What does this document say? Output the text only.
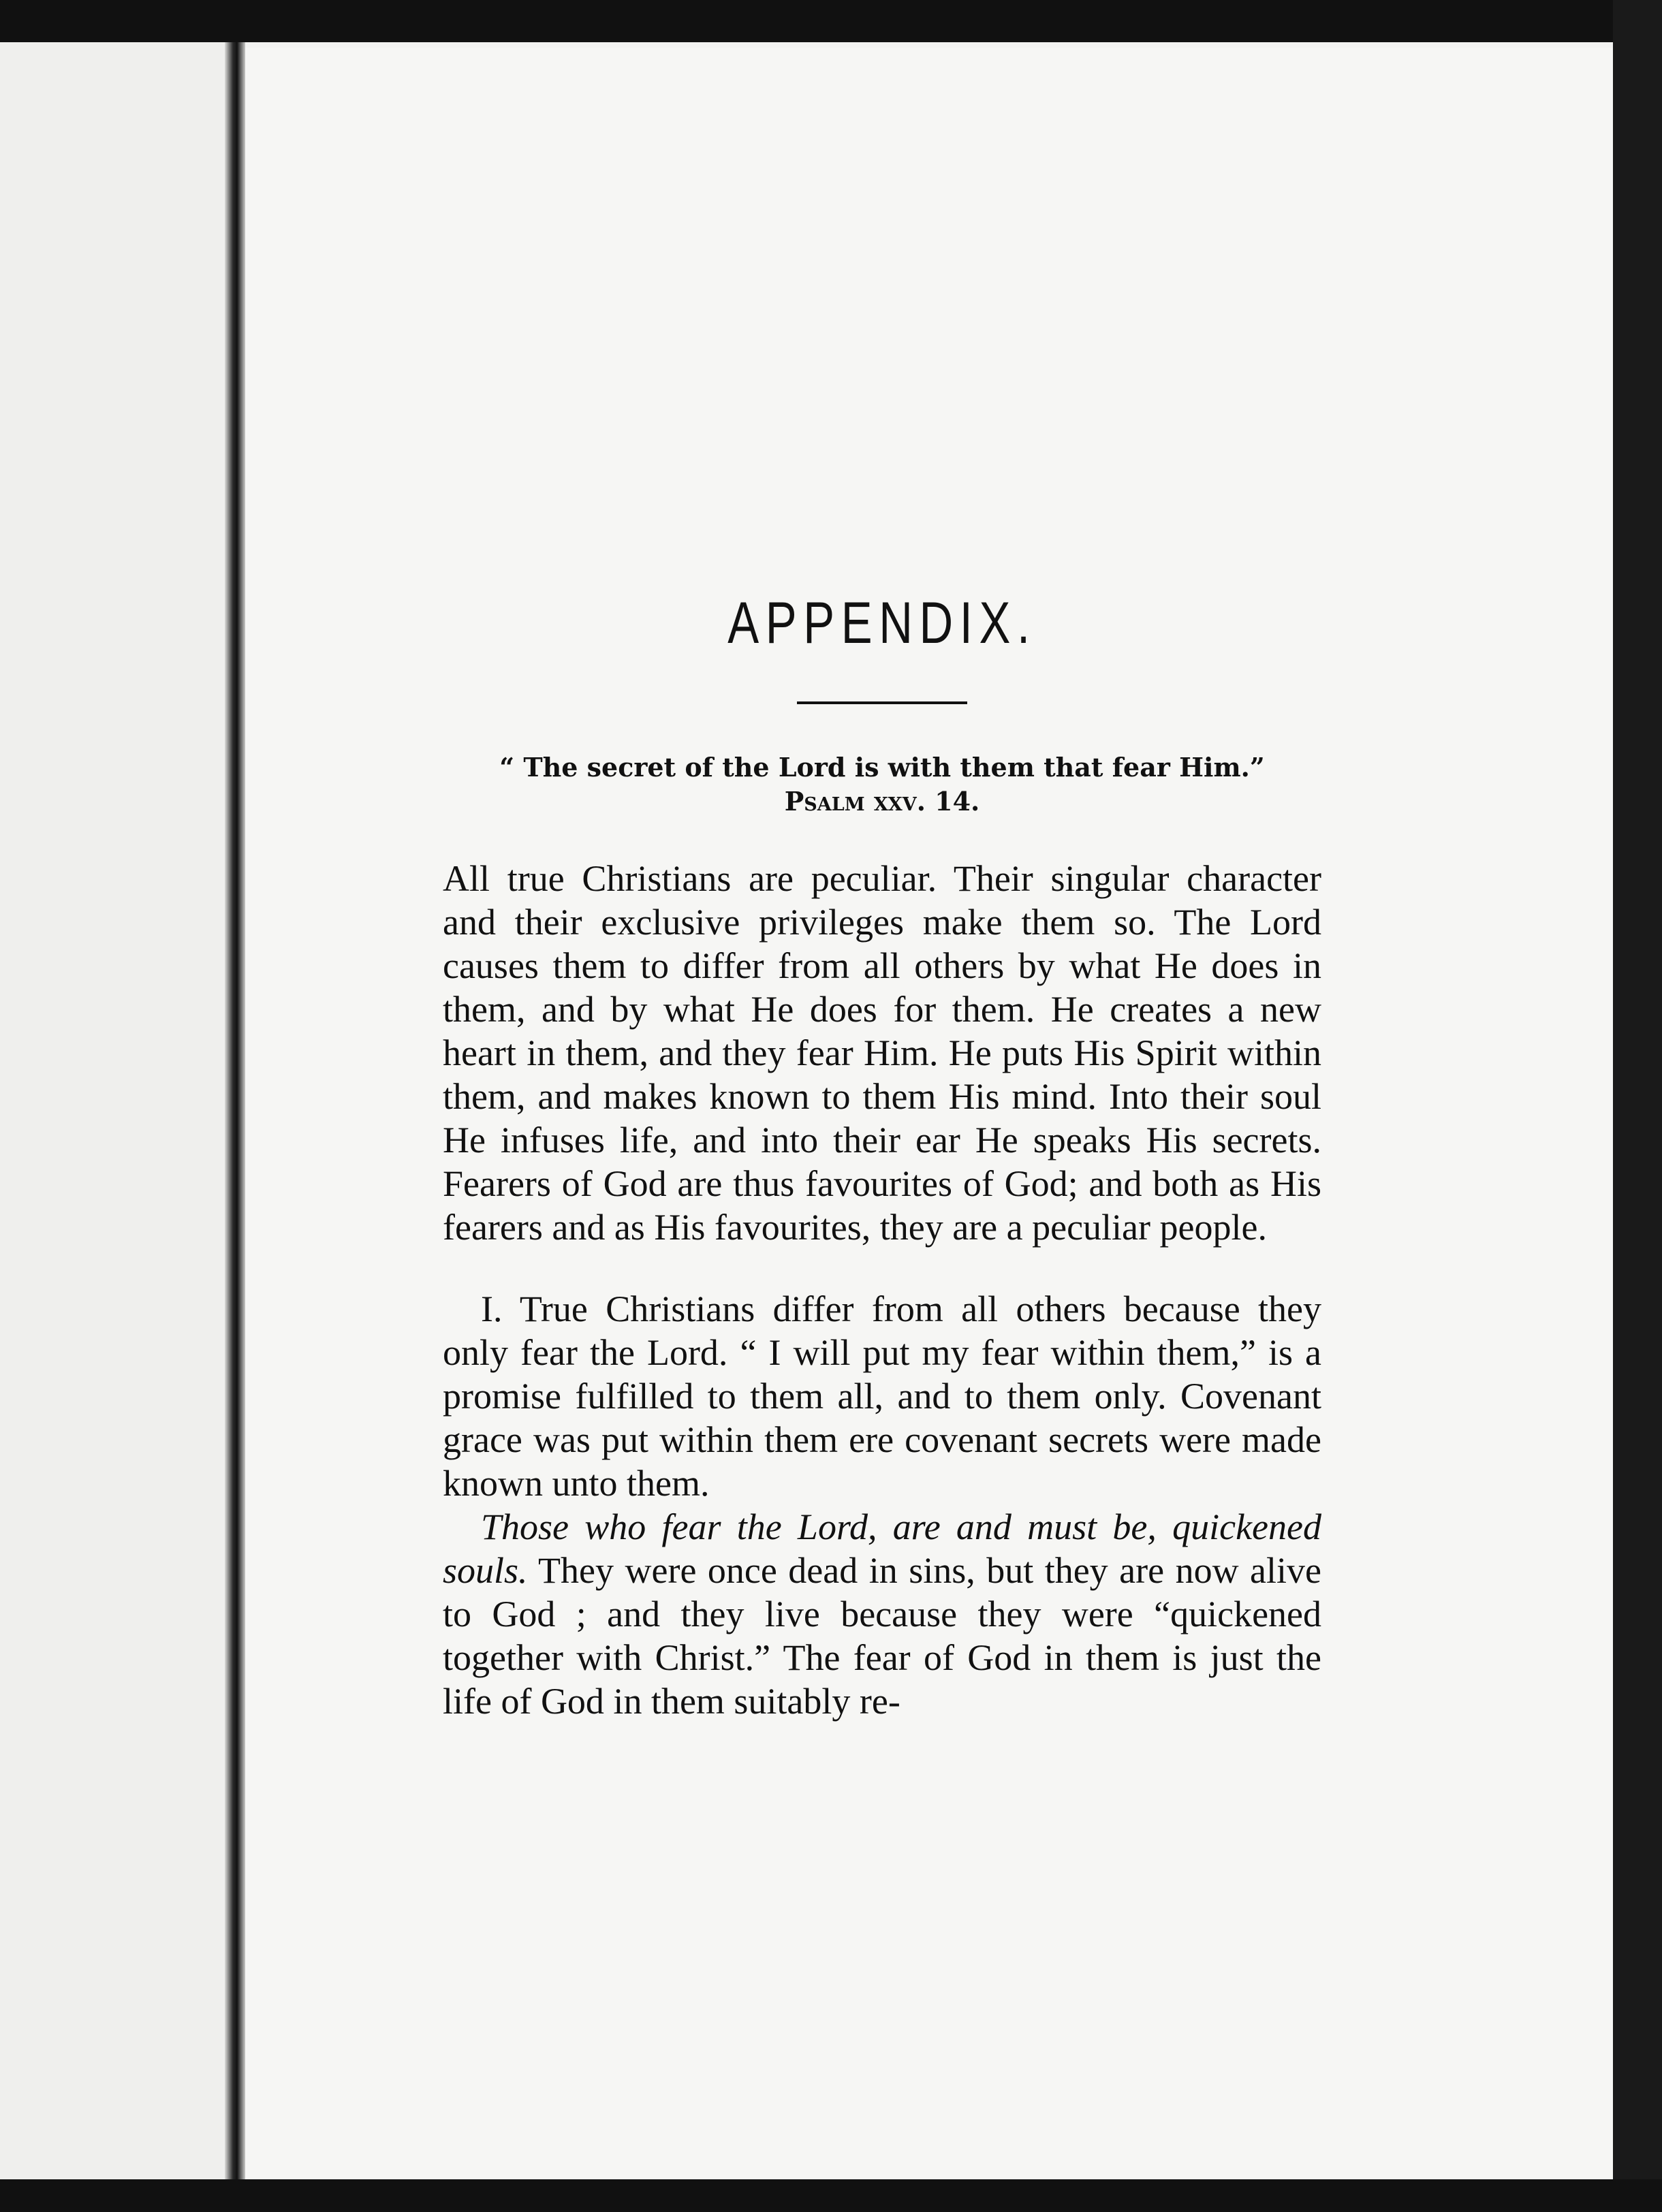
APPENDIX.
“ The secret of the Lord is with them that fear Him.”
Psalm xxv. 14.

All true Christians are peculiar. Their singular character and their exclusive privileges make them so. The Lord causes them to differ from all others by what He does in them, and by what He does for them. He creates a new heart in them, and they fear Him. He puts His Spirit within them, and makes known to them His mind. Into their soul He infuses life, and into their ear He speaks His secrets. Fearers of God are thus favourites of God; and both as His fearers and as His favourites, they are a peculiar people.

I. True Christians differ from all others because they only fear the Lord. “ I will put my fear within them,” is a promise fulfilled to them all, and to them only. Covenant grace was put within them ere covenant secrets were made known unto them.

Those who fear the Lord, are and must be, quickened souls. They were once dead in sins, but they are now alive to God ; and they live because they were “quickened together with Christ.” The fear of God in them is just the life of God in them suitably re-
